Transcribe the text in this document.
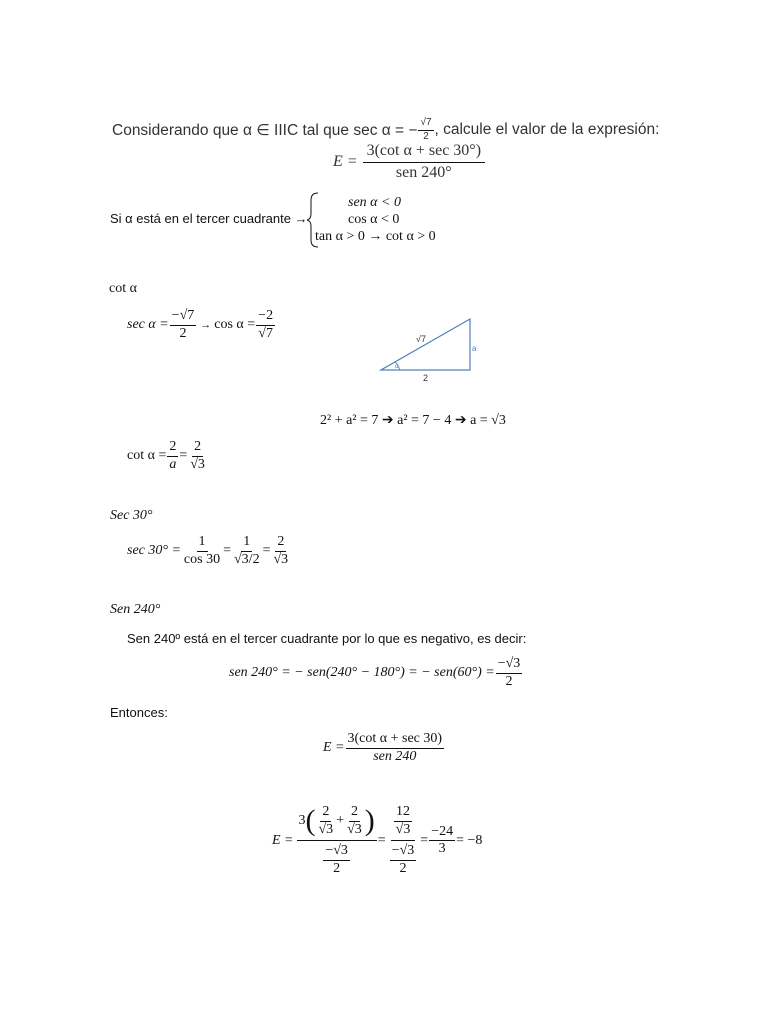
Considerando que α ∈ IIIC tal que sec α = − $\frac{√7}{2}$ , calcule el valor de la expresión:
$E = \frac{\text{3(cot α + sec 30°)}}{\text{sen 240°}}$
Si α está en el tercer cuadrante →
sen α < 0
cos α < 0
tan α > 0 → cot α > 0
cot α
$\sec \alpha = \frac{-√7}{2} \to \cos \alpha = \frac{-2}{√7}$	√7
a
2
α
2² + a² = 7 ➔ a² = 7 − 4 ➔ a = √3
$\cot \alpha = \frac{2}{a} = \frac{2}{√3}$
Sec 30°
$\sec 30^\circ = \frac{1}{\cos 30} = \frac{1}{√3/2} = \frac{2}{√3}$
Sen 240°
Sen 240º está en el tercer cuadrante por lo que es negativo, es decir:
sen 240° = − sen(240° − 180°) = − $sen(60^\circ) = \frac{-√3}{2}$
Entonces:
$E = \frac{\text{3(cot α + sec 30)}}{\text{sen 240}}$
$E = \frac{3 ( \frac{2}{√3} + \frac{2}{√3} )}{\frac{-√3}{2}} = \frac{\frac{12}{√3}}{\frac{-√3}{2}} = \frac{-24}{3} = -8$
